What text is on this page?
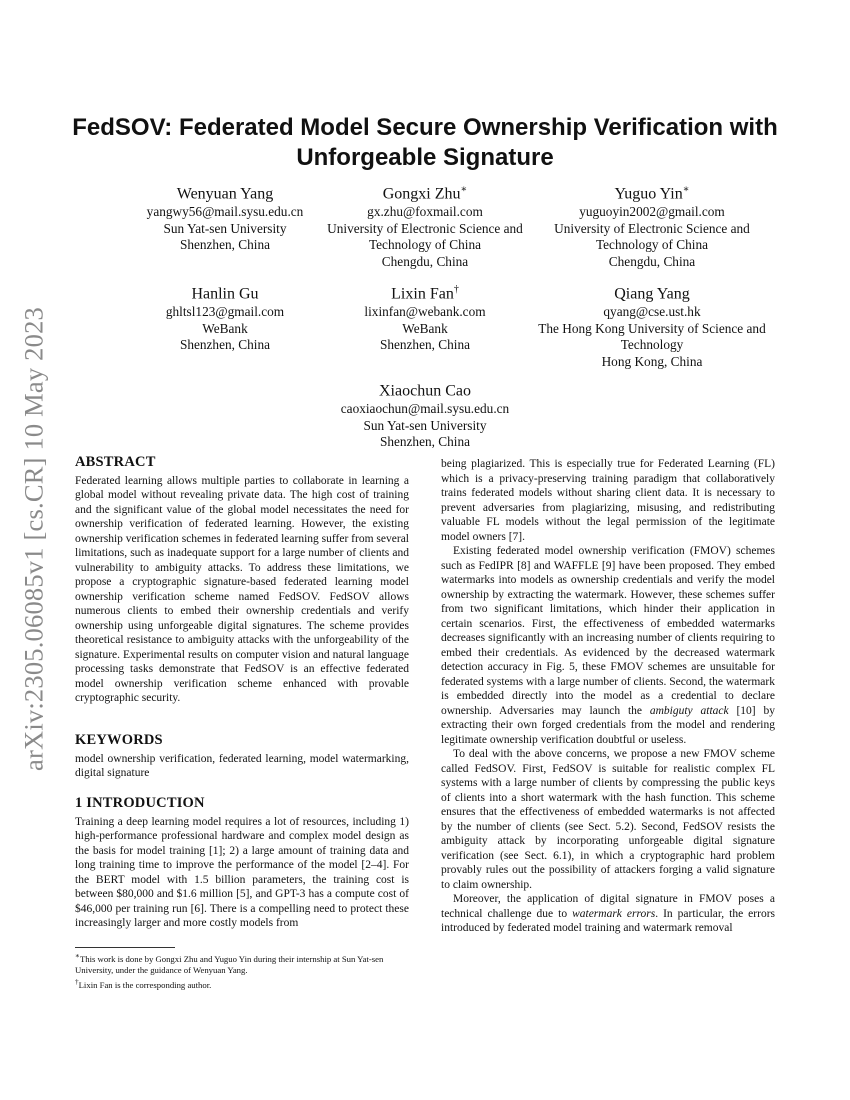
arXiv:2305.06085v1 [cs.CR] 10 May 2023
FedSOV: Federated Model Secure Ownership Verification with Unforgeable Signature
Wenyuan Yang
yangwy56@mail.sysu.edu.cn
Sun Yat-sen University
Shenzhen, China
Gongxi Zhu∗
gx.zhu@foxmail.com
University of Electronic Science and Technology of China
Chengdu, China
Yuguo Yin∗
yuguoyin2002@gmail.com
University of Electronic Science and Technology of China
Chengdu, China
Hanlin Gu
ghltsl123@gmail.com
WeBank
Shenzhen, China
Lixin Fan†
lixinfan@webank.com
WeBank
Shenzhen, China
Qiang Yang
qyang@cse.ust.hk
The Hong Kong University of Science and Technology
Hong Kong, China
Xiaochun Cao
caoxiaochun@mail.sysu.edu.cn
Sun Yat-sen University
Shenzhen, China
ABSTRACT

Federated learning allows multiple parties to collaborate in learning a global model without revealing private data. The high cost of training and the significant value of the global model necessitates the need for ownership verification of federated learning. However, the existing ownership verification schemes in federated learning suffer from several limitations, such as inadequate support for a large number of clients and vulnerability to ambiguity attacks. To address these limitations, we propose a cryptographic signature-based federated learning model ownership verification scheme named FedSOV. FedSOV allows numerous clients to embed their ownership credentials and verify ownership using unforgeable digital signatures. The scheme provides theoretical resistance to ambiguity attacks with the unforgeability of the signature. Experimental results on computer vision and natural language processing tasks demonstrate that FedSOV is an effective federated model ownership verification scheme enhanced with provable cryptographic security.

KEYWORDS

model ownership verification, federated learning, model watermarking, digital signature

1 INTRODUCTION

Training a deep learning model requires a lot of resources, including 1) high-performance professional hardware and complex model design as the basis for model training [1]; 2) a large amount of training data and long training time to improve the performance of the model [2–4]. For the BERT model with 1.5 billion parameters, the training cost is between $80,000 and $1.6 million [5], and GPT-3 has a compute cost of $46,000 per training run [6]. There is a compelling need to protect these increasingly larger and more costly models from

∗This work is done by Gongxi Zhu and Yuguo Yin during their internship at Sun Yat-sen University, under the guidance of Wenyuan Yang.

†Lixin Fan is the corresponding author.

being plagiarized. This is especially true for Federated Learning (FL) which is a privacy-preserving training paradigm that collaboratively trains federated models without sharing client data. It is necessary to prevent adversaries from plagiarizing, misusing, and redistributing valuable FL models without the legal permission of the legitimate model owners [7].

Existing federated model ownership verification (FMOV) schemes such as FedIPR [8] and WAFFLE [9] have been proposed. They embed watermarks into models as ownership credentials and verify the model ownership by extracting the watermark. However, these schemes suffer from two significant limitations, which hinder their application in certain scenarios. First, the effectiveness of embedded watermarks decreases significantly with an increasing number of clients requiring to embed their credentials. As evidenced by the decreased watermark detection accuracy in Fig. 5, these FMOV schemes are unsuitable for federated systems with a large number of clients. Second, the watermark is embedded directly into the model as a credential to declare ownership. Adversaries may launch the ambiguty attack [10] by extracting their own forged credentials from the model and rendering legitimate ownership verification doubtful or useless.

To deal with the above concerns, we propose a new FMOV scheme called FedSOV. First, FedSOV is suitable for realistic complex FL systems with a large number of clients by compressing the public keys of clients into a short watermark with the hash function. This scheme ensures that the effectiveness of embedded watermarks is not affected by the number of clients (see Sect. 5.2). Second, FedSOV resists the ambiguity attack by incorporating unforgeable digital signature verification (see Sect. 6.1), in which a cryptographic hard problem provably rules out the possibility of attackers forging a valid signature to claim ownership.

Moreover, the application of digital signature in FMOV poses a technical challenge due to watermark errors. In particular, the errors introduced by federated model training and watermark removal
